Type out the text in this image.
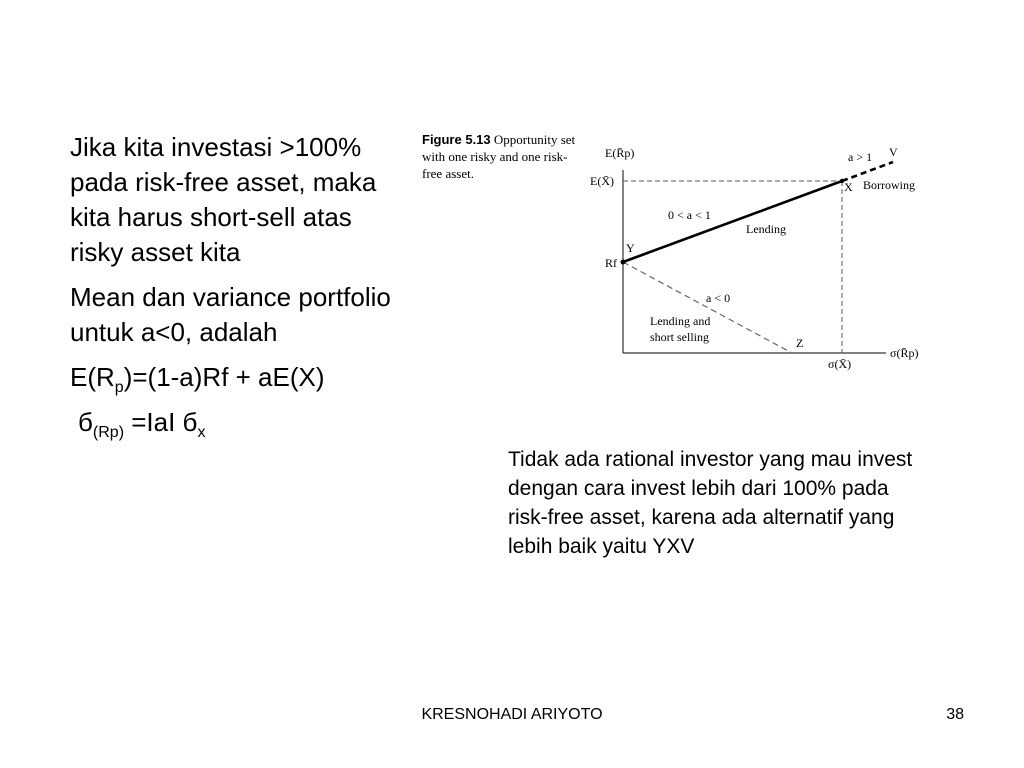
Jika kita investasi >100% pada risk-free asset, maka kita harus short-sell atas risky asset kita

Mean dan variance portfolio untuk a<0, adalah

$E(R_p)=(1-a)Rf + aE(X)$

$б_{(Rp)} =IaI$ $б_x$

Figure 5.13 Opportunity set with one risky and one risk-free asset.
E(R̄p)
E(X̄)
Rf
Y
a > 1 V
X Borrowing
0 < a < 1
Lending
a < 0
Lending and
short selling	Z
σ(X̄)
σ(R̄p)
Tidak ada rational investor yang mau invest dengan cara invest lebih dari 100% pada risk-free asset, karena ada alternatif yang lebih baik yaitu YXV
KRESNOHADI ARIYOTO	38
